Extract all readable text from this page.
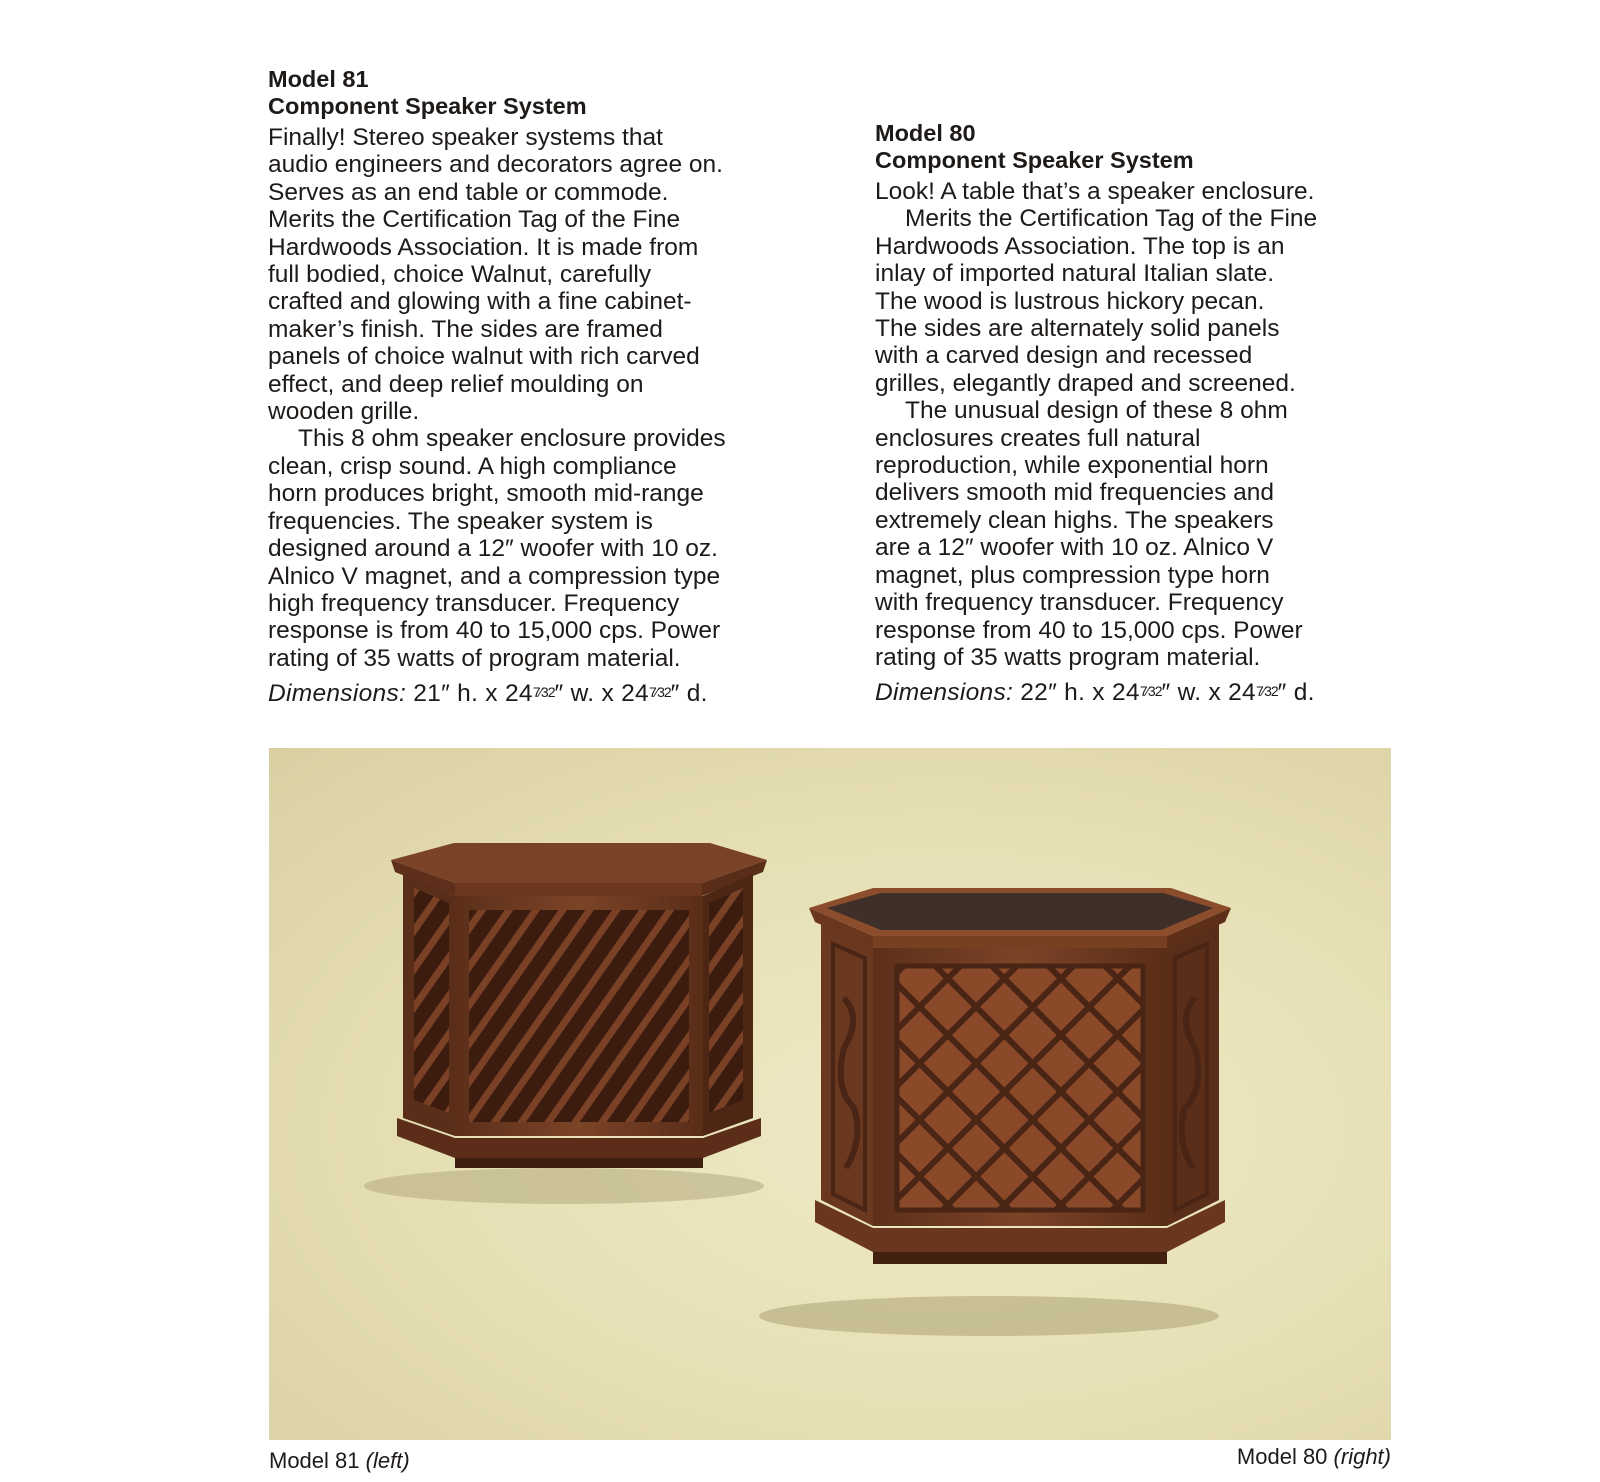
Model 81

Component Speaker System

Finally! Stereo speaker systems that
audio engineers and decorators agree on.
Serves as an end table or commode.
Merits the Certification Tag of the Fine
Hardwoods Association. It is made from
full bodied, choice Walnut, carefully
crafted and glowing with a fine cabinet-
maker’s finish. The sides are framed
panels of choice walnut with rich carved
effect, and deep relief moulding on
wooden grille.

This 8 ohm speaker enclosure provides
clean, crisp sound. A high compliance
horn produces bright, smooth mid-range
frequencies. The speaker system is
designed around a 12″ woofer with 10 oz.
Alnico V magnet, and a compression type
high frequency transducer. Frequency
response is from 40 to 15,000 cps. Power
rating of 35 watts of program material.

Dimensions: 21″ h. x 247⁄32″ w. x 247⁄32″ d.

Model 80

Component Speaker System

Look! A table that’s a speaker enclosure.

Merits the Certification Tag of the Fine
Hardwoods Association. The top is an
inlay of imported natural Italian slate.
The wood is lustrous hickory pecan.
The sides are alternately solid panels
with a carved design and recessed
grilles, elegantly draped and screened.

The unusual design of these 8 ohm
enclosures creates full natural
reproduction, while exponential horn
delivers smooth mid frequencies and
extremely clean highs. The speakers
are a 12″ woofer with 10 oz. Alnico V
magnet, plus compression type horn
with frequency transducer. Frequency
response from 40 to 15,000 cps. Power
rating of 35 watts program material.

Dimensions: 22″ h. x 247⁄32″ w. x 247⁄32″ d.
Model 81 (left)	Model 80 (right)
